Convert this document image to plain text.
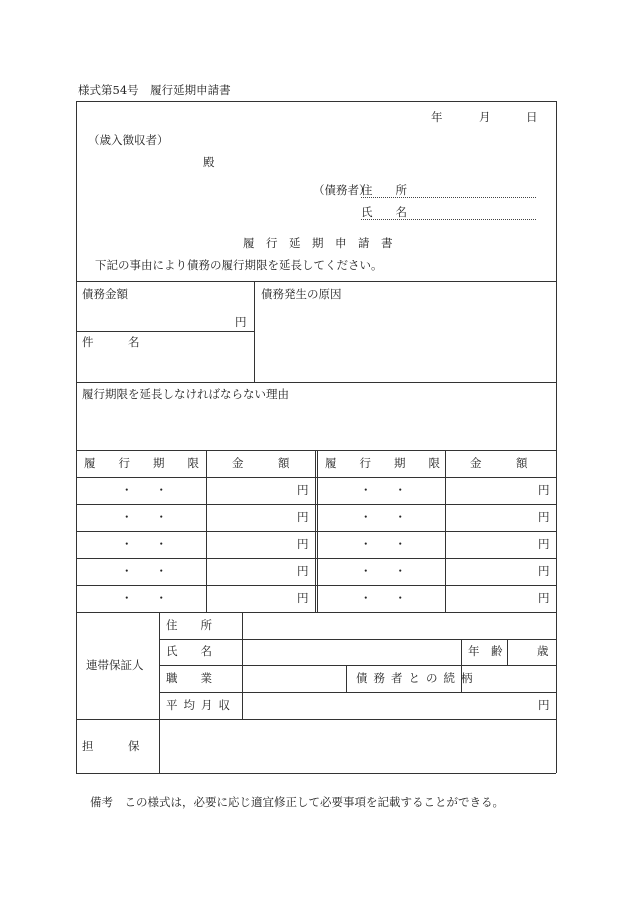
様式第54号　履行延期申請書
年	月	日
（歳入徴収者）
殿
（債務者）
住　　所
氏　　名
履　行　延　期　申　請　書
下記の事由により債務の履行期限を延長してください。
債務金額
円
債務発生の原因
件　　　名
履行期限を延長しなければならない理由
履　　行　　期　　限	金　　　額	履　　行　　期　　限	金　　　額
・　　・	円	・　　・	円
・　　・	円	・　　・	円
・　　・	円	・　　・	円
・　　・	円	・　　・	円
・　　・	円	・　　・	円
連帯保証人
住　　所
氏　　名	年　齢	歳
職　　業	債務者との続柄
平均月収	円
担　　　保
備考　この様式は，必要に応じ適宜修正して必要事項を記載することができる。
